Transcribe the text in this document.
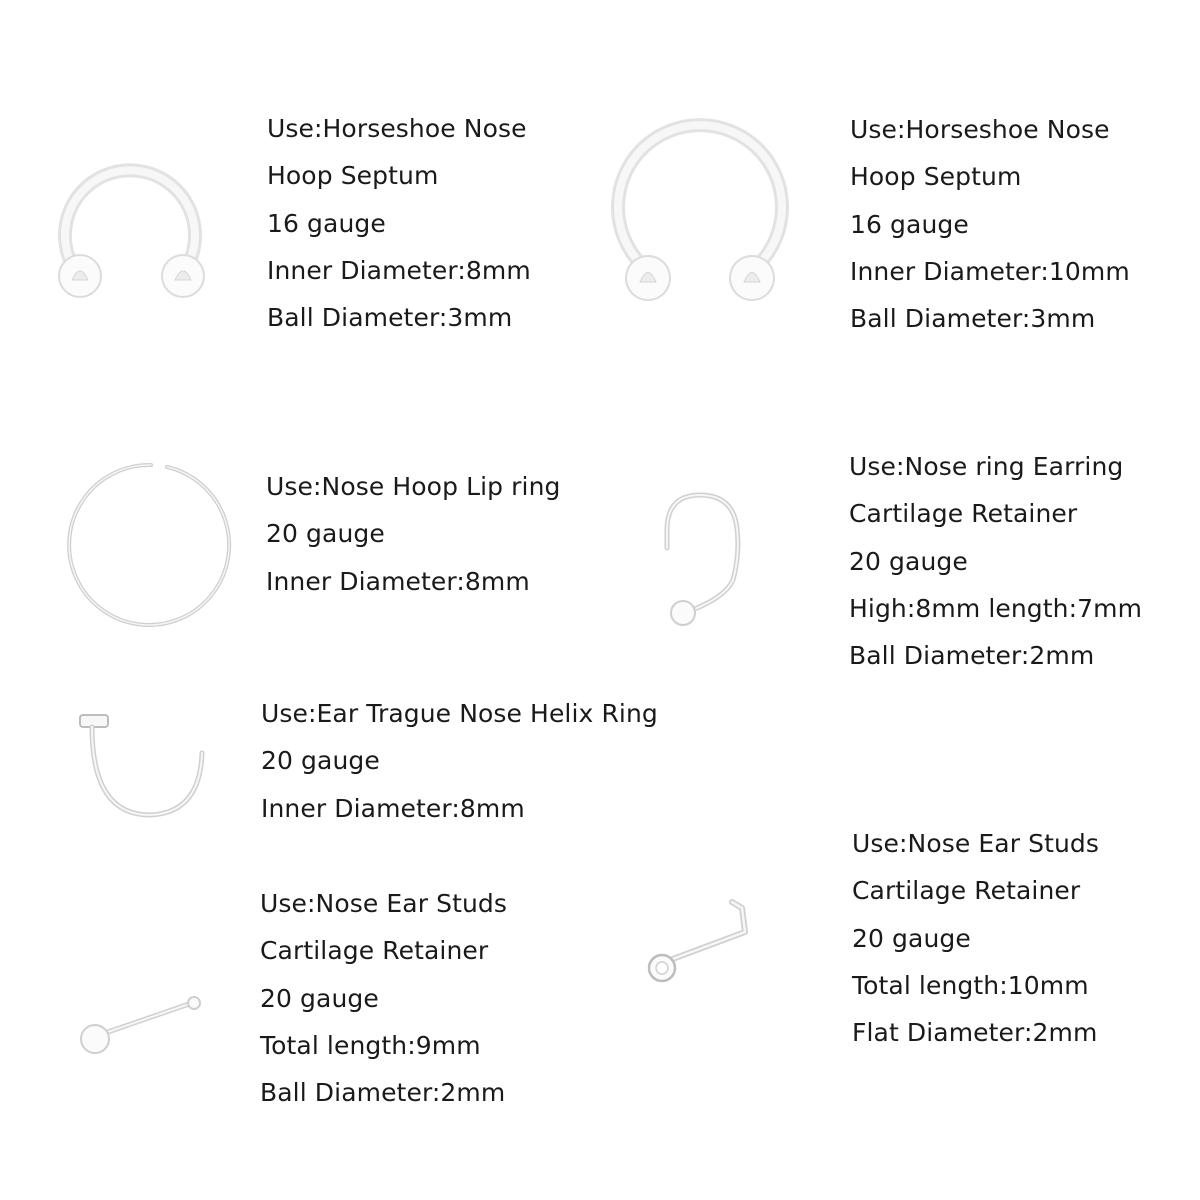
Use:Horseshoe Nose
Hoop Septum
16 gauge
Inner Diameter:8mm
Ball Diameter:3mm
Use:Horseshoe Nose
Hoop Septum
16 gauge
Inner Diameter:10mm
Ball Diameter:3mm
Use:Nose Hoop Lip ring
20 gauge
Inner Diameter:8mm
Use:Nose ring Earring
Cartilage Retainer
20 gauge
High:8mm length:7mm
Ball Diameter:2mm
Use:Ear Trague Nose Helix Ring
20 gauge
Inner Diameter:8mm
Use:Nose Ear Studs
Cartilage Retainer
20 gauge
Total length:9mm
Ball Diameter:2mm
Use:Nose Ear Studs
Cartilage Retainer
20 gauge
Total length:10mm
Flat Diameter:2mm
